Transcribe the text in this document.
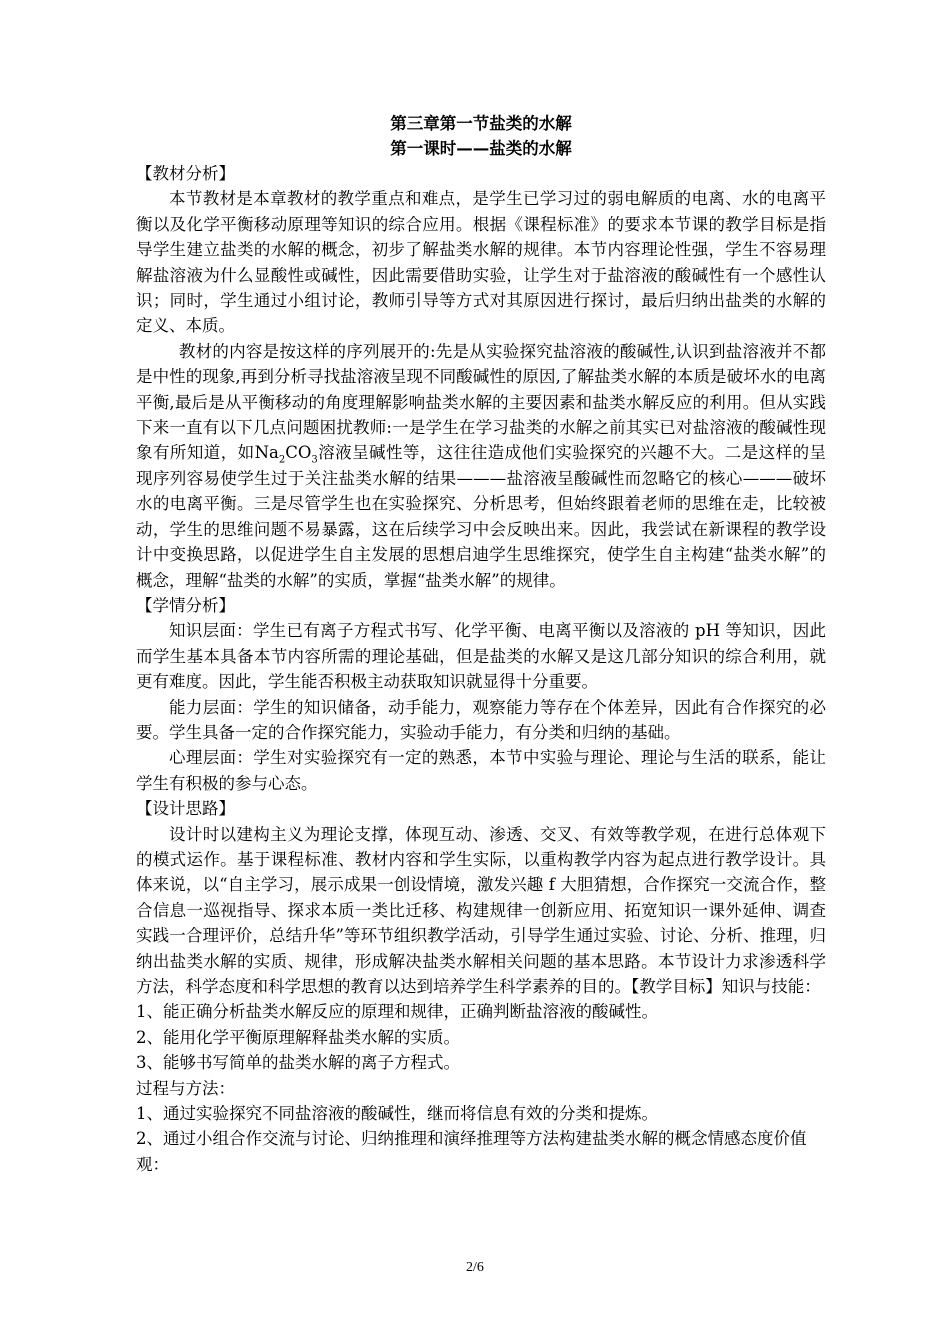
第三章第一节盐类的水解
第一课时——盐类的水解
【教材分析】

本节教材是本章教材的教学重点和难点，是学生已学习过的弱电解质的电离、水的电离平衡以及化学平衡移动原理等知识的综合应用。根据《课程标准》的要求本节课的教学目标是指导学生建立盐类的水解的概念，初步了解盐类水解的规律。本节内容理论性强，学生不容易理解盐溶液为什么显酸性或碱性，因此需要借助实验，让学生对于盐溶液的酸碱性有一个感性认识；同时，学生通过小组讨论，教师引导等方式对其原因进行探讨，最后归纳出盐类的水解的定义、本质。

教材的内容是按这样的序列展开的:先是从实验探究盐溶液的酸碱性,认识到盐溶液并不都是中性的现象,再到分析寻找盐溶液呈现不同酸碱性的原因,了解盐类水解的本质是破坏水的电离平衡,最后是从平衡移动的角度理解影响盐类水解的主要因素和盐类水解反应的利用。但从实践下来一直有以下几点问题困扰教师:一是学生在学习盐类的水解之前其实已对盐溶液的酸碱性现象有所知道，如$Na_2CO_3$溶液呈碱性等，这往往造成他们实验探究的兴趣不大。二是这样的呈现序列容易使学生过于关注盐类水解的结果———盐溶液呈酸碱性而忽略它的核心———破坏水的电离平衡。三是尽管学生也在实验探究、分析思考，但始终跟着老师的思维在走，比较被动，学生的思维问题不易暴露，这在后续学习中会反映出来。因此，我尝试在新课程的教学设计中变换思路，以促进学生自主发展的思想启迪学生思维探究，使学生自主构建“盐类水解”的概念，理解“盐类的水解”的实质，掌握“盐类水解”的规律。

【学情分析】

知识层面：学生已有离子方程式书写、化学平衡、电离平衡以及溶液的 pH 等知识，因此而学生基本具备本节内容所需的理论基础，但是盐类的水解又是这几部分知识的综合利用，就更有难度。因此，学生能否积极主动获取知识就显得十分重要。

能力层面：学生的知识储备，动手能力，观察能力等存在个体差异，因此有合作探究的必要。学生具备一定的合作探究能力，实验动手能力，有分类和归纳的基础。

心理层面：学生对实验探究有一定的熟悉，本节中实验与理论、理论与生活的联系，能让学生有积极的参与心态。

【设计思路】

设计时以建构主义为理论支撑，体现互动、渗透、交叉、有效等教学观，在进行总体观下的模式运作。基于课程标准、教材内容和学生实际，以重构教学内容为起点进行教学设计。具体来说，以“自主学习，展示成果一创设情境，激发兴趣 f 大胆猜想，合作探究一交流合作，整合信息一巡视指导、探求本质一类比迁移、构建规律一创新应用、拓宽知识一课外延伸、调查实践一合理评价，总结升华”等环节组织教学活动，引导学生通过实验、讨论、分析、推理，归纳出盐类水解的实质、规律，形成解决盐类水解相关问题的基本思路。本节设计力求渗透科学方法，科学态度和科学思想的教育以达到培养学生科学素养的目的。【教学目标】知识与技能：

1、能正确分析盐类水解反应的原理和规律，正确判断盐溶液的酸碱性。
2、能用化学平衡原理解释盐类水解的实质。
3、能够书写简单的盐类水解的离子方程式。
过程与方法：
1、通过实验探究不同盐溶液的酸碱性，继而将信息有效的分类和提炼。
2、通过小组合作交流与讨论、归纳推理和演绎推理等方法构建盐类水解的概念情感态度价值观：
2/6
